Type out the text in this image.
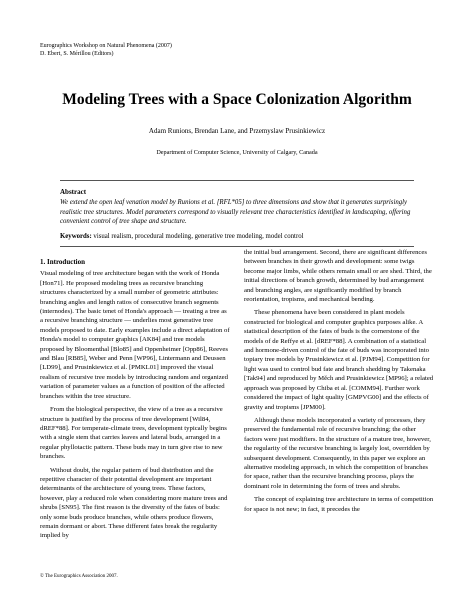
Eurographics Workshop on Natural Phenomena (2007)
D. Ebert, S. Mérillou (Editors)
Modeling Trees with a Space Colonization Algorithm
Adam Runions, Brendan Lane, and Przemyslaw Prusinkiewicz
Department of Computer Science, University of Calgary, Canada
Abstract
We extend the open leaf venation model by Runions et al. [RFL*05] to three dimensions and show that it generates surprisingly realistic tree structures. Model parameters correspond to visually relevant tree characteristics identified in landscaping, offering convenient control of tree shape and structure.
Keywords: visual realism, procedural modeling, generative tree modeling, model control

1. Introduction

Visual modeling of tree architecture began with the work of Honda [Hon71]. He proposed modeling trees as recursive branching structures characterized by a small number of geometric attributes: branching angles and length ratios of consecutive branch segments (internodes). The basic tenet of Honda's approach — treating a tree as a recursive branching structure — underlies most generative tree models proposed to date. Early examples include a direct adaptation of Honda's model to computer graphics [AK84] and tree models proposed by Bloomenthal [Blo85] and Oppenheimer [Opp86], Reeves and Blau [RB85], Weber and Penn [WP96], Lintermann and Deussen [LD99], and Prusinkiewicz et al. [PMKL01] improved the visual realism of recursive tree models by introducing random and organized variation of parameter values as a function of position of the affected branches within the tree structure.

From the biological perspective, the view of a tree as a recursive structure is justified by the process of tree development [Wil84, dREF*88]. For temperate-climate trees, development typically begins with a single stem that carries leaves and lateral buds, arranged in a regular phyllotactic pattern. These buds may in turn give rise to new branches.

Without doubt, the regular pattern of bud distribution and the repetitive character of their potential development are important determinants of the architecture of young trees. These factors, however, play a reduced role when considering more mature trees and shrubs [SN95]. The first reason is the diversity of the fates of buds: only some buds produce branches, while others produce flowers, remain dormant or abort. These different fates break the regularity implied by

the initial bud arrangement. Second, there are significant differences between branches in their growth and development: some twigs become major limbs, while others remain small or are shed. Third, the initial directions of branch growth, determined by bud arrangement and branching angles, are significantly modified by branch reorientation, tropisms, and mechanical bending.

These phenomena have been considered in plant models constructed for biological and computer graphics purposes alike. A statistical description of the fates of buds is the cornerstone of the models of de Reffye et al. [dREF*88]. A combination of a statistical and hormone-driven control of the fate of buds was incorporated into topiary tree models by Prusinkiewicz et al. [PJM94]. Competition for light was used to control bud fate and branch shedding by Takenaka [Tak94] and reproduced by Měch and Prusinkiewicz [MP96]; a related approach was proposed by Chiba et al. [COMM94]. Further work considered the impact of light quality [GMPVG00] and the effects of gravity and tropisms [JPM00].

Although these models incorporated a variety of processes, they preserved the fundamental role of recursive branching; the other factors were just modifiers. In the structure of a mature tree, however, the regularity of the recursive branching is largely lost, overridden by subsequent development. Consequently, in this paper we explore an alternative modeling approach, in which the competition of branches for space, rather than the recursive branching process, plays the dominant role in determining the form of trees and shrubs.

The concept of explaining tree architecture in terms of competition for space is not new; in fact, it precedes the

© The Eurographics Association 2007.
